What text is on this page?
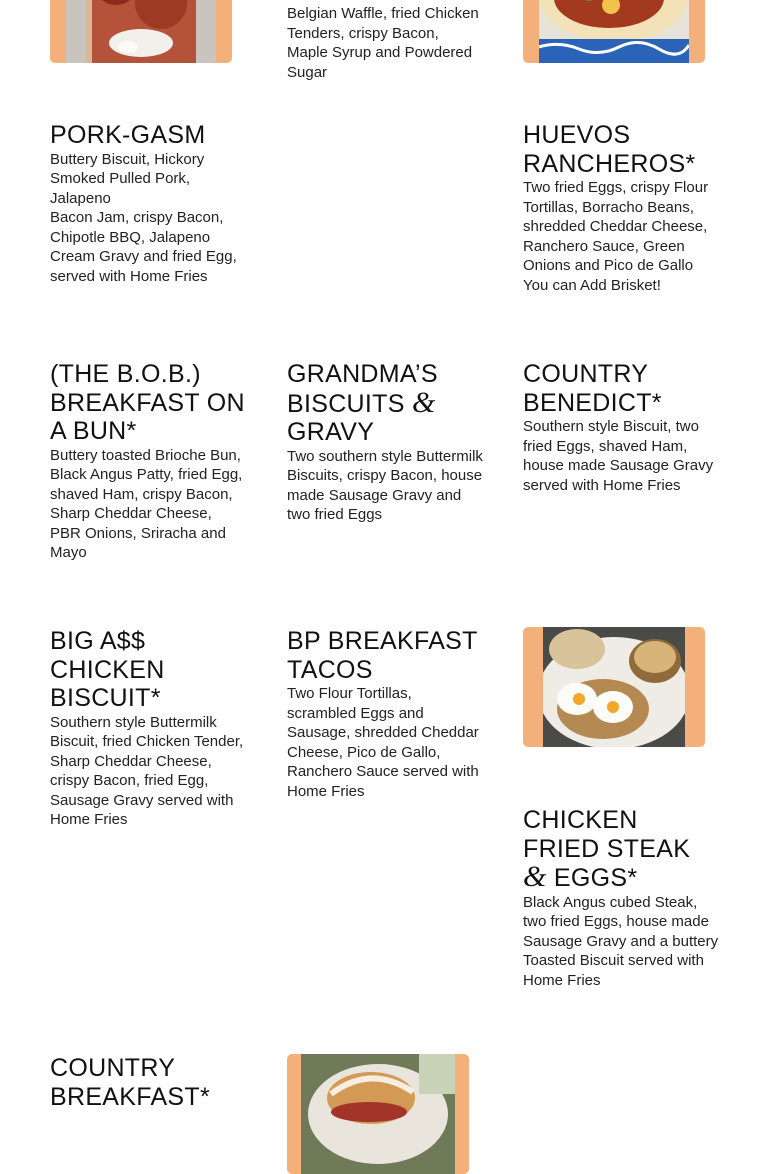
Belgian Waffle, fried Chicken Tenders, crispy Bacon,
Maple Syrup and Powdered Sugar

PORK-GASM

Buttery Biscuit, Hickory Smoked Pulled Pork, Jalapeno
Bacon Jam, crispy Bacon, Chipotle BBQ, Jalapeno Cream Gravy and fried Egg, served with Home Fries

HUEVOS RANCHEROS*

Two fried Eggs, crispy Flour Tortillas, Borracho Beans, shredded Cheddar Cheese, Ranchero Sauce, Green Onions and Pico de Gallo
You can Add Brisket!

(THE B.O.B.) BREAKFAST ON A BUN*

Buttery toasted Brioche Bun, Black Angus Patty, fried Egg, shaved Ham, crispy Bacon, Sharp Cheddar Cheese, PBR Onions, Sriracha and Mayo

GRANDMA’S BISCUITS & GRAVY

Two southern style Buttermilk Biscuits, crispy Bacon, house made Sausage Gravy and two fried Eggs

COUNTRY BENEDICT*

Southern style Biscuit, two fried Eggs, shaved Ham, house made Sausage Gravy served with Home Fries

BIG A$$ CHICKEN BISCUIT*

Southern style Buttermilk Biscuit, fried Chicken Tender, Sharp Cheddar Cheese, crispy Bacon, fried Egg, Sausage Gravy served with Home Fries

BP BREAKFAST TACOS

Two Flour Tortillas, scrambled Eggs and Sausage, shredded Cheddar Cheese, Pico de Gallo, Ranchero Sauce served with Home Fries

CHICKEN FRIED STEAK & EGGS*

Black Angus cubed Steak, two fried Eggs, house made Sausage Gravy and a buttery Toasted Biscuit served with Home Fries

COUNTRY BREAKFAST*
